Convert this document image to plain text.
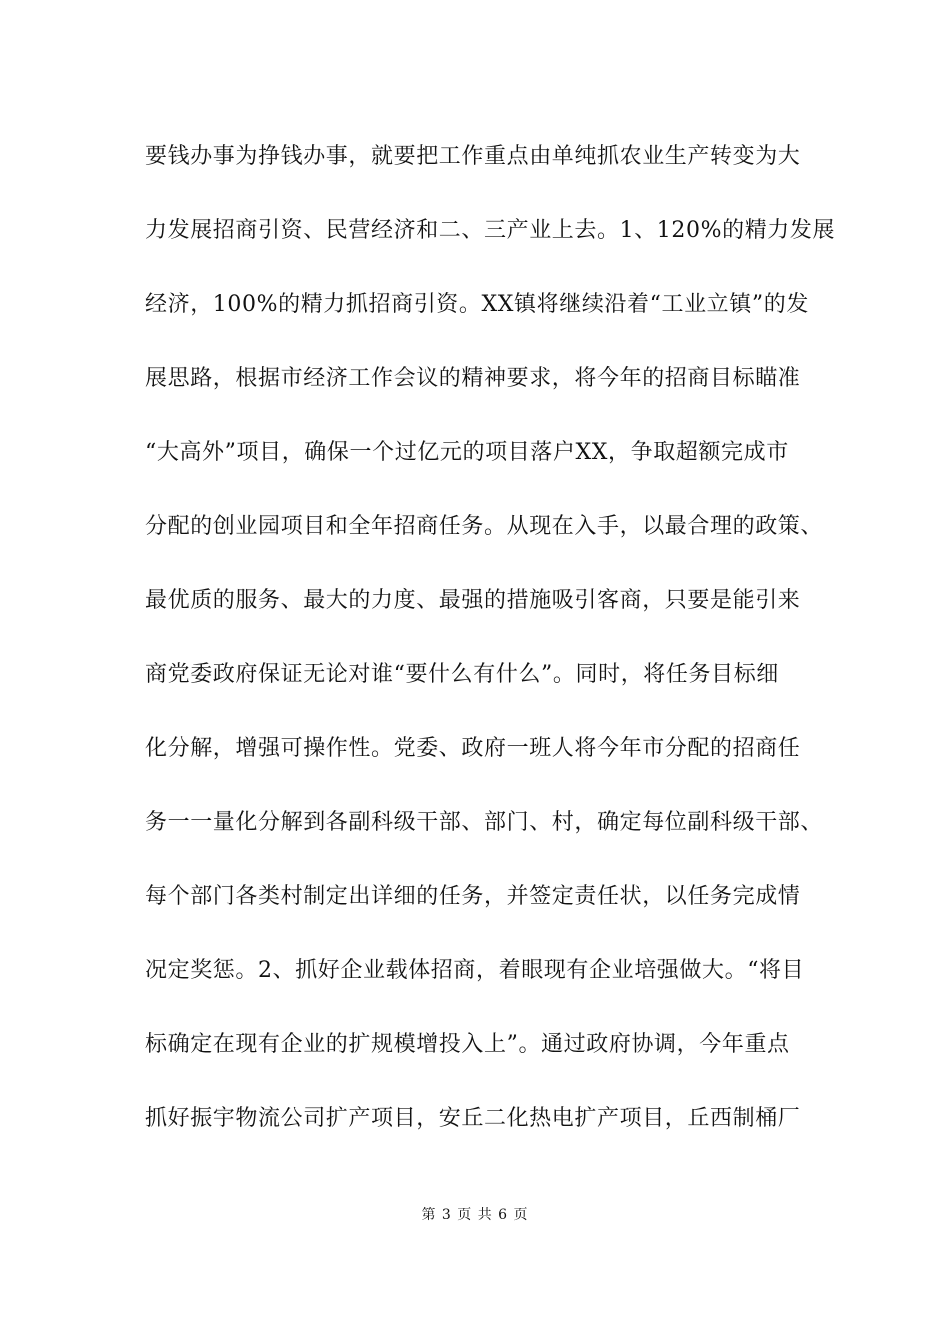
要钱办事为挣钱办事，就要把工作重点由单纯抓农业生产转变为大
力发展招商引资、民营经济和二、三产业上去。1、120%的精力发展
经济，100%的精力抓招商引资。XX镇将继续沿着“工业立镇”的发
展思路，根据市经济工作会议的精神要求，将今年的招商目标瞄准
“大高外”项目，确保一个过亿元的项目落户XX，争取超额完成市
分配的创业园项目和全年招商任务。从现在入手，以最合理的政策、
最优质的服务、最大的力度、最强的措施吸引客商，只要是能引来
商党委政府保证无论对谁“要什么有什么”。同时，将任务目标细
化分解，增强可操作性。党委、政府一班人将今年市分配的招商任
务一一量化分解到各副科级干部、部门、村，确定每位副科级干部、
每个部门各类村制定出详细的任务，并签定责任状，以任务完成情
况定奖惩。2、抓好企业载体招商，着眼现有企业培强做大。“将目
标确定在现有企业的扩规模增投入上”。通过政府协调，今年重点
抓好振宇物流公司扩产项目，安丘二化热电扩产项目，丘西制桶厂
第 3 页 共 6 页
